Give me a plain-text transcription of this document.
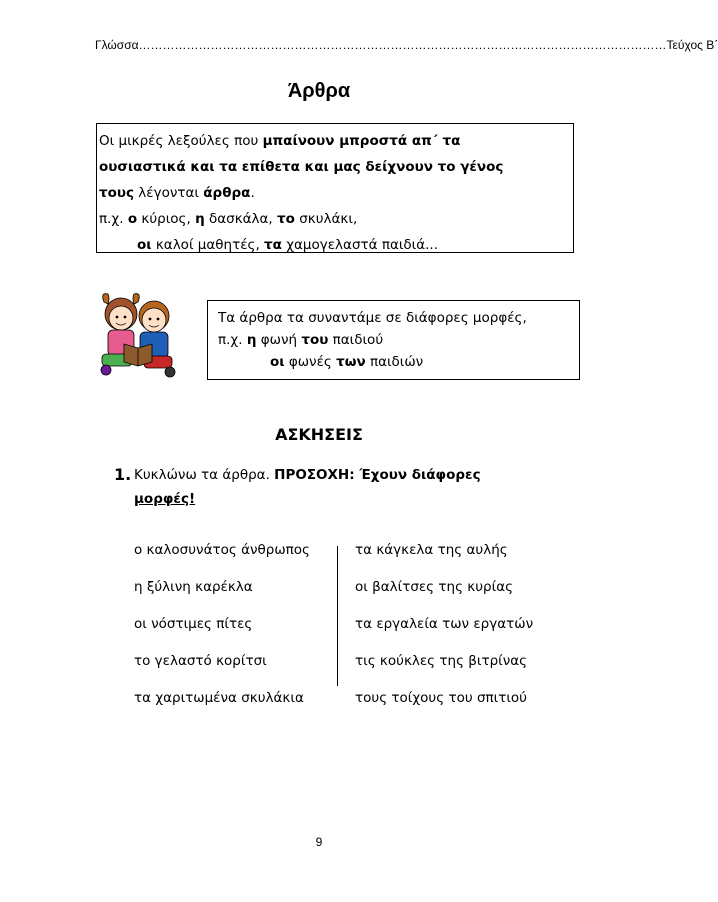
Γλώσσα …………………………………………………………………………………………………………………… Τεύχος Β΄
Άρθρα
Οι μικρές λεξούλες που μπαίνουν μπροστά απ΄ τα
ουσιαστικά και τα επίθετα και μας δείχνουν το γένος
τους λέγονται άρθρα.
π.χ. ο κύριος, η δασκάλα, το σκυλάκι,
οι καλοί μαθητές, τα χαμογελαστά παιδιά...
Τα άρθρα τα συναντάμε σε διάφορες μορφές,
π.χ. η φωνή του παιδιού
οι φωνές των παιδιών
ΑΣΚΗΣΕΙΣ
1. Κυκλώνω τα άρθρα. ΠΡΟΣΟΧΗ: Έχουν διάφορες
μορφές!
ο καλοσυνάτος άνθρωπος
η ξύλινη καρέκλα
οι νόστιμες πίτες
το γελαστό κορίτσι
τα χαριτωμένα σκυλάκια
τα κάγκελα της αυλής
οι βαλίτσες της κυρίας
τα εργαλεία των εργατών
τις κούκλες της βιτρίνας
τους τοίχους του σπιτιού
9
